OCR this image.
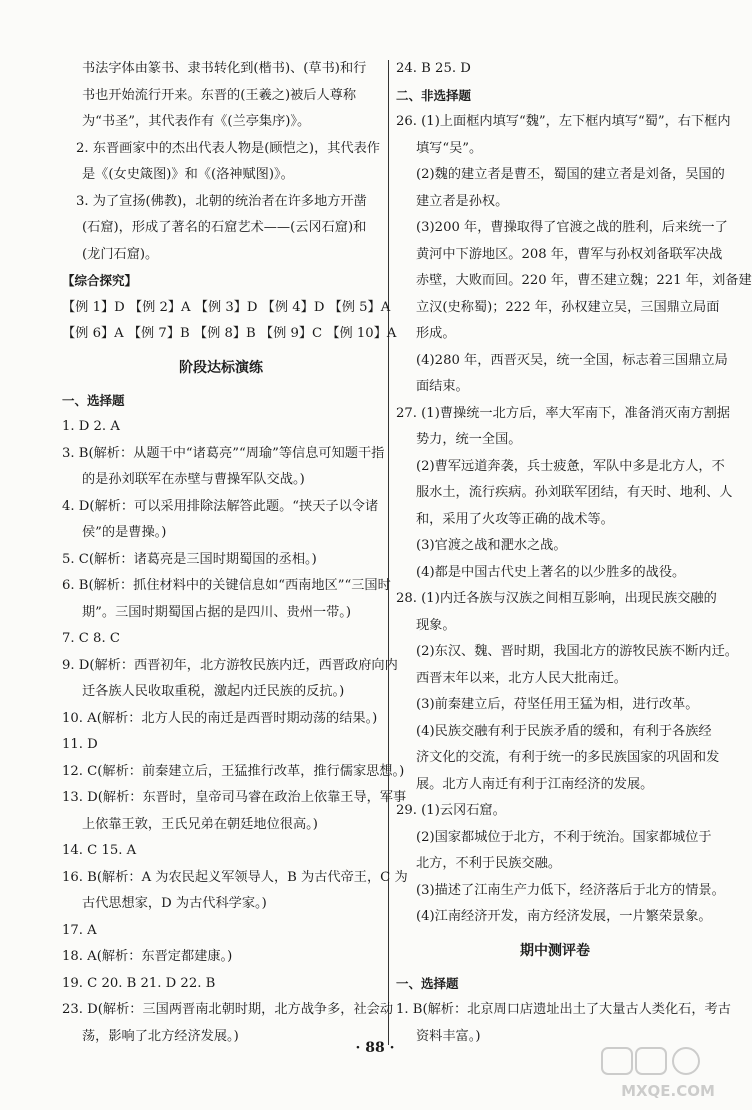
书法字体由篆书、隶书转化到(楷书)、(草书)和行
书也开始流行开来。东晋的(王羲之)被后人尊称
为“书圣”，其代表作有《(兰亭集序)》。
2. 东晋画家中的杰出代表人物是(顾恺之)，其代表作
是《(女史箴图)》和《(洛神赋图)》。
3. 为了宣扬(佛教)，北朝的统治者在许多地方开凿
(石窟)，形成了著名的石窟艺术——(云冈石窟)和
(龙门石窟)。
【综合探究】
【例 1】D 【例 2】A 【例 3】D 【例 4】D 【例 5】A
【例 6】A 【例 7】B 【例 8】B 【例 9】C 【例 10】A
阶段达标演练
一、选择题
1. D 2. A
3. B(解析：从题干中“诸葛亮”“周瑜”等信息可知题干指
的是孙刘联军在赤壁与曹操军队交战。)
4. D(解析：可以采用排除法解答此题。“挟天子以令诸
侯”的是曹操。)
5. C(解析：诸葛亮是三国时期蜀国的丞相。)
6. B(解析：抓住材料中的关键信息如“西南地区”“三国时
期”。三国时期蜀国占据的是四川、贵州一带。)
7. C 8. C
9. D(解析：西晋初年，北方游牧民族内迁，西晋政府向内
迁各族人民收取重税，激起内迁民族的反抗。)
10. A(解析：北方人民的南迁是西晋时期动荡的结果。)
11. D
12. C(解析：前秦建立后，王猛推行改革，推行儒家思想。)
13. D(解析：东晋时，皇帝司马睿在政治上依靠王导，军事
上依靠王敦，王氏兄弟在朝廷地位很高。)
14. C 15. A
16. B(解析：A 为农民起义军领导人，B 为古代帝王，C 为
古代思想家，D 为古代科学家。)
17. A
18. A(解析：东晋定都建康。)
19. C 20. B 21. D 22. B
23. D(解析：三国两晋南北朝时期，北方战争多，社会动
荡，影响了北方经济发展。)
24. B 25. D
二、非选择题
26. (1)上面框内填写“魏”，左下框内填写“蜀”，右下框内
填写“吴”。
(2)魏的建立者是曹丕，蜀国的建立者是刘备，吴国的
建立者是孙权。
(3)200 年，曹操取得了官渡之战的胜利，后来统一了
黄河中下游地区。208 年，曹军与孙权刘备联军决战
赤壁，大败而回。220 年，曹丕建立魏；221 年，刘备建
立汉(史称蜀)；222 年，孙权建立吴，三国鼎立局面
形成。
(4)280 年，西晋灭吴，统一全国，标志着三国鼎立局
面结束。
27. (1)曹操统一北方后，率大军南下，准备消灭南方割据
势力，统一全国。
(2)曹军远道奔袭，兵士疲惫，军队中多是北方人，不
服水土，流行疾病。孙刘联军团结，有天时、地利、人
和，采用了火攻等正确的战术等。
(3)官渡之战和淝水之战。
(4)都是中国古代史上著名的以少胜多的战役。
28. (1)内迁各族与汉族之间相互影响，出现民族交融的
现象。
(2)东汉、魏、晋时期，我国北方的游牧民族不断内迁。
西晋末年以来，北方人民大批南迁。
(3)前秦建立后，苻坚任用王猛为相，进行改革。
(4)民族交融有利于民族矛盾的缓和，有利于各族经
济文化的交流，有利于统一的多民族国家的巩固和发
展。北方人南迁有利于江南经济的发展。
29. (1)云冈石窟。
(2)国家都城位于北方，不利于统治。国家都城位于
北方，不利于民族交融。
(3)描述了江南生产力低下，经济落后于北方的情景。
(4)江南经济开发，南方经济发展，一片繁荣景象。
期中测评卷
一、选择题
1. B(解析：北京周口店遗址出土了大量古人类化石，考古
资料丰富。)
· 88 ·
MXQE.COM
